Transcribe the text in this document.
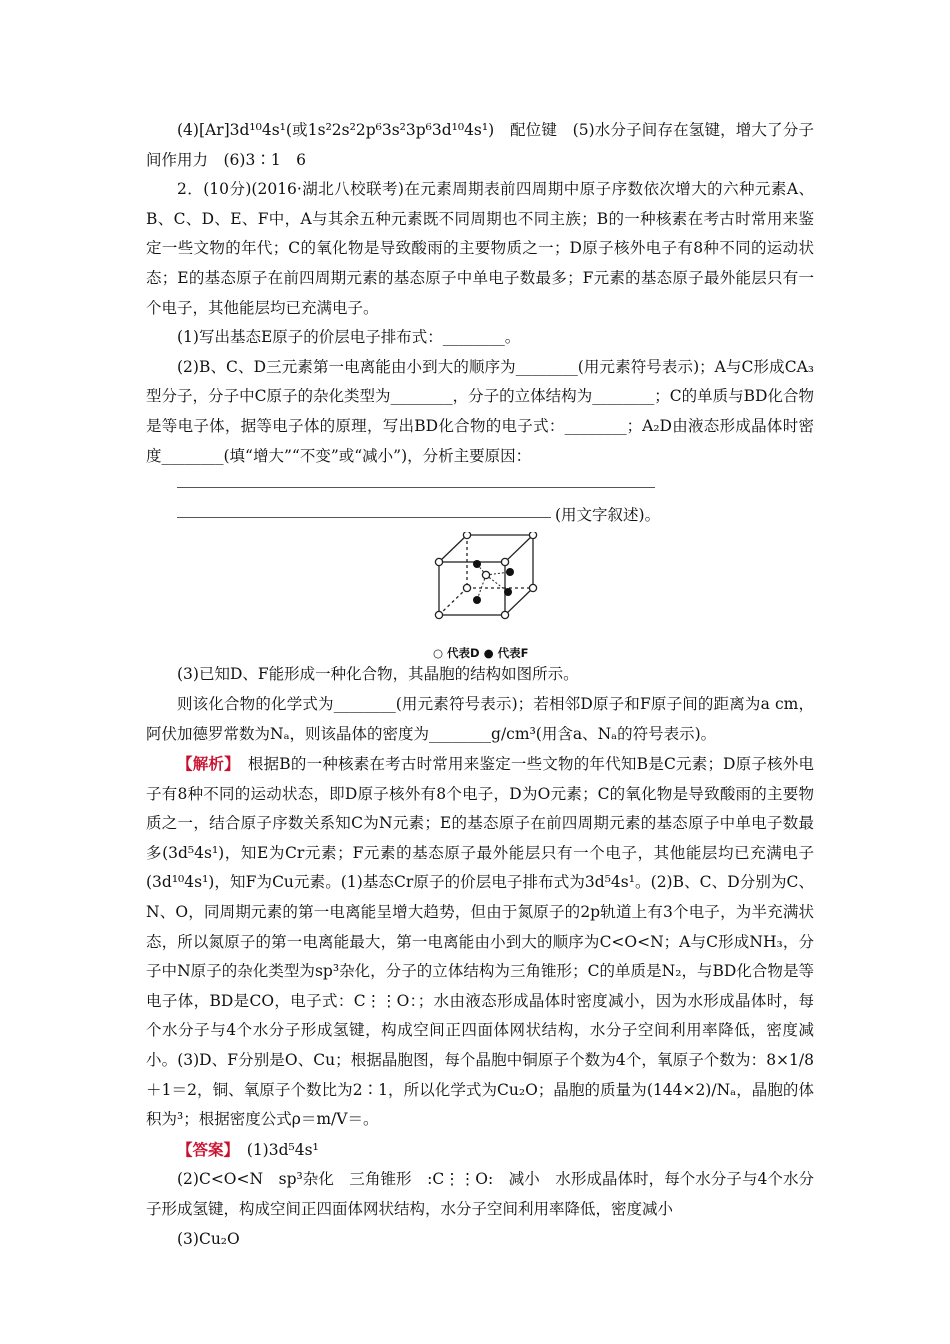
(4)[Ar]3d¹⁰4s¹(或1s²2s²2p⁶3s²3p⁶3d¹⁰4s¹)　配位键　(5)水分子间存在氢键，增大了分子间作用力　(6)3∶1　6

2．(10分)(2016·湖北八校联考)在元素周期表前四周期中原子序数依次增大的六种元素A、B、C、D、E、F中，A与其余五种元素既不同周期也不同主族；B的一种核素在考古时常用来鉴定一些文物的年代；C的氧化物是导致酸雨的主要物质之一；D原子核外电子有8种不同的运动状态；E的基态原子在前四周期元素的基态原子中单电子数最多；F元素的基态原子最外能层只有一个电子，其他能层均已充满电子。

(1)写出基态E原子的价层电子排布式：________。

(2)B、C、D三元素第一电离能由小到大的顺序为________(用元素符号表示)；A与C形成CA₃型分子，分子中C原子的杂化类型为________，分子的立体结构为________；C的单质与BD化合物是等电子体，据等电子体的原理，写出BD化合物的电子式：________；A₂D由液态形成晶体时密度________(填“增大”“不变”或“减小”)，分析主要原因：

(用文字叙述)。
○ 代表D ● 代表F

(3)已知D、F能形成一种化合物，其晶胞的结构如图所示。

则该化合物的化学式为________(用元素符号表示)；若相邻D原子和F原子间的距离为a cm，阿伏加德罗常数为Nₐ，则该晶体的密度为________g/cm³(用含a、Nₐ的符号表示)。

【解析】　根据B的一种核素在考古时常用来鉴定一些文物的年代知B是C元素；D原子核外电子有8种不同的运动状态，即D原子核外有8个电子，D为O元素；C的氧化物是导致酸雨的主要物质之一，结合原子序数关系知C为N元素；E的基态原子在前四周期元素的基态原子中单电子数最多(3d⁵4s¹)，知E为Cr元素；F元素的基态原子最外能层只有一个电子，其他能层均已充满电子(3d¹⁰4s¹)，知F为Cu元素。(1)基态Cr原子的价层电子排布式为3d⁵4s¹。(2)B、C、D分别为C、N、O，同周期元素的第一电离能呈增大趋势，但由于氮原子的2p轨道上有3个电子，为半充满状态，所以氮原子的第一电离能最大，第一电离能由小到大的顺序为C<O<N；A与C形成NH₃，分子中N原子的杂化类型为sp³杂化，分子的立体结构为三角锥形；C的单质是N₂，与BD化合物是等电子体，BD是CO，电子式：C⋮⋮O：；水由液态形成晶体时密度减小，因为水形成晶体时，每个水分子与4个水分子形成氢键，构成空间正四面体网状结构，水分子空间利用率降低，密度减小。(3)D、F分别是O、Cu；根据晶胞图，每个晶胞中铜原子个数为4个，氧原子个数为：8×1/8＋1＝2，铜、氧原子个数比为2∶1，所以化学式为Cu₂O；晶胞的质量为(144×2)/Nₐ，晶胞的体积为³；根据密度公式ρ＝m/V＝。

【答案】　(1)3d⁵4s¹

(2)C<O<N　sp³杂化　三角锥形　:C⋮⋮O:　减小　水形成晶体时，每个水分子与4个水分子形成氢键，构成空间正四面体网状结构，水分子空间利用率降低，密度减小

(3)Cu₂O
